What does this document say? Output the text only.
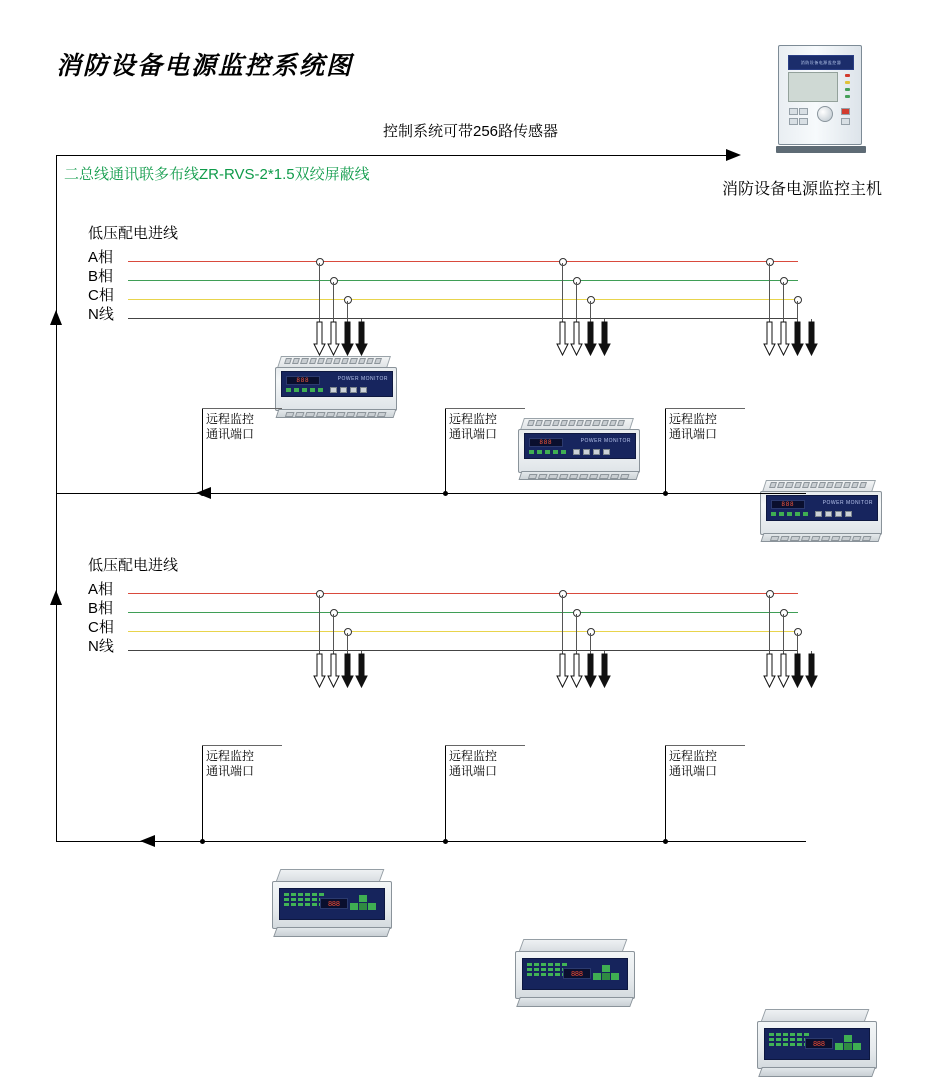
消防设备电源监控系统图	消防设备电源监控器
消防设备电源监控主机
控制系统可带256路传感器
二总线通讯联多布线ZR-RVS-2*1.5双绞屏蔽线
低压配电进线
A相
B相
C相
N线
888	POWER MONITOR
888	POWER MONITOR
888	POWER MONITOR
远程监控
通讯端口
远程监控
通讯端口
远程监控
通讯端口
低压配电进线
A相
B相
C相
N线
888
888
888
远程监控
通讯端口
远程监控
通讯端口
远程监控
通讯端口
